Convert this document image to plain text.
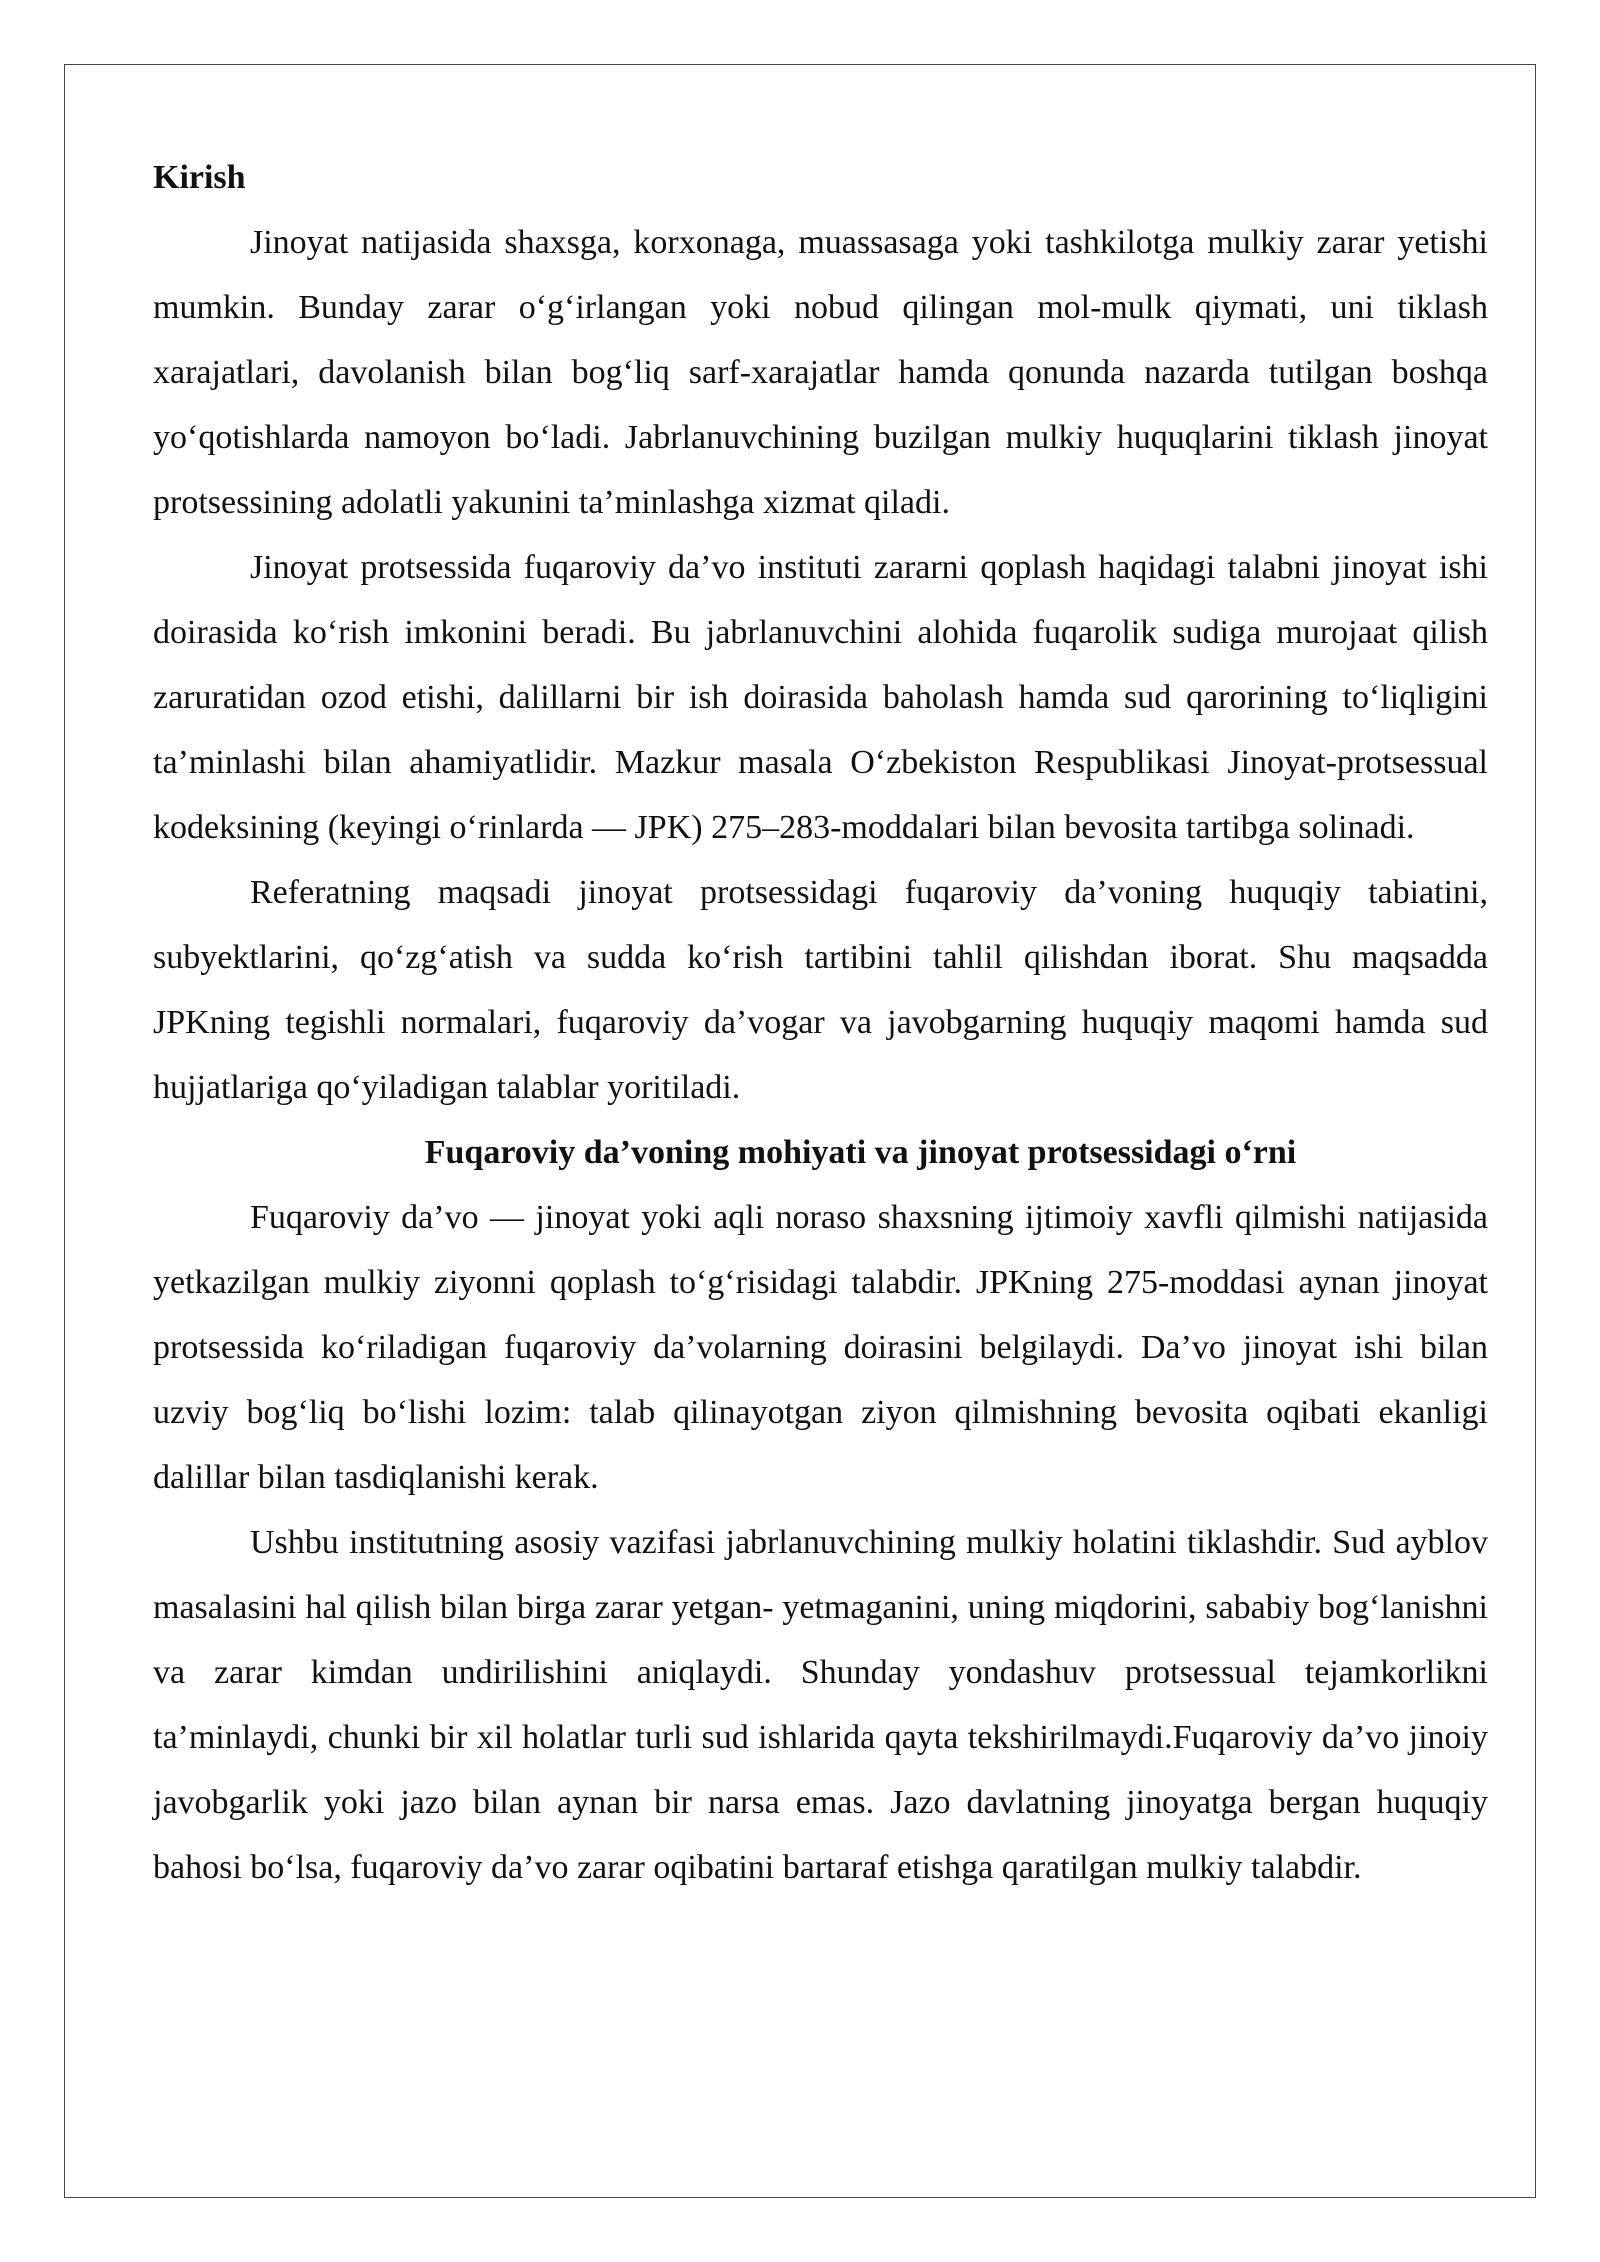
Kirish

Jinoyat natijasida shaxsga, korxonaga, muassasaga yoki tashkilotga mulkiy zarar yetishi mumkin. Bunday zarar o‘g‘irlangan yoki nobud qilingan mol-mulk qiymati, uni tiklash xarajatlari, davolanish bilan bog‘liq sarf-xarajatlar hamda qonunda nazarda tutilgan boshqa yo‘qotishlarda namoyon bo‘ladi. Jabrlanuvchining buzilgan mulkiy huquqlarini tiklash jinoyat protsessining adolatli yakunini ta’minlashga xizmat qiladi.

Jinoyat protsessida fuqaroviy da’vo instituti zararni qoplash haqidagi talabni jinoyat ishi doirasida ko‘rish imkonini beradi. Bu jabrlanuvchini alohida fuqarolik sudiga murojaat qilish zaruratidan ozod etishi, dalillarni bir ish doirasida baholash hamda sud qarorining to‘liqligini ta’minlashi bilan ahamiyatlidir. Mazkur masala O‘zbekiston Respublikasi Jinoyat-protsessual kodeksining (keyingi o‘rinlarda — JPK) 275–283-moddalari bilan bevosita tartibga solinadi.

Referatning maqsadi jinoyat protsessidagi fuqaroviy da’voning huquqiy tabiatini, subyektlarini, qo‘zg‘atish va sudda ko‘rish tartibini tahlil qilishdan iborat. Shu maqsadda JPKning tegishli normalari, fuqaroviy da’vogar va javobgarning huquqiy maqomi hamda sud hujjatlariga qo‘yiladigan talablar yoritiladi.

Fuqaroviy da’voning mohiyati va jinoyat protsessidagi o‘rni

Fuqaroviy da’vo — jinoyat yoki aqli noraso shaxsning ijtimoiy xavfli qilmishi natijasida yetkazilgan mulkiy ziyonni qoplash to‘g‘risidagi talabdir. JPKning 275-moddasi aynan jinoyat protsessida ko‘riladigan fuqaroviy da’volarning doirasini belgilaydi. Da’vo jinoyat ishi bilan uzviy bog‘liq bo‘lishi lozim: talab qilinayotgan ziyon qilmishning bevosita oqibati ekanligi dalillar bilan tasdiqlanishi kerak.

Ushbu institutning asosiy vazifasi jabrlanuvchining mulkiy holatini tiklashdir. Sud ayblov masalasini hal qilish bilan birga zarar yetgan- yetmaganini, uning miqdorini, sababiy bog‘lanishni va zarar kimdan undirilishini aniqlaydi. Shunday yondashuv protsessual tejamkorlikni ta’minlaydi, chunki bir xil holatlar turli sud ishlarida qayta tekshirilmaydi.Fuqaroviy da’vo jinoiy javobgarlik yoki jazo bilan aynan bir narsa emas. Jazo davlatning jinoyatga bergan huquqiy bahosi bo‘lsa, fuqaroviy da’vo zarar oqibatini bartaraf etishga qaratilgan mulkiy talabdir.
